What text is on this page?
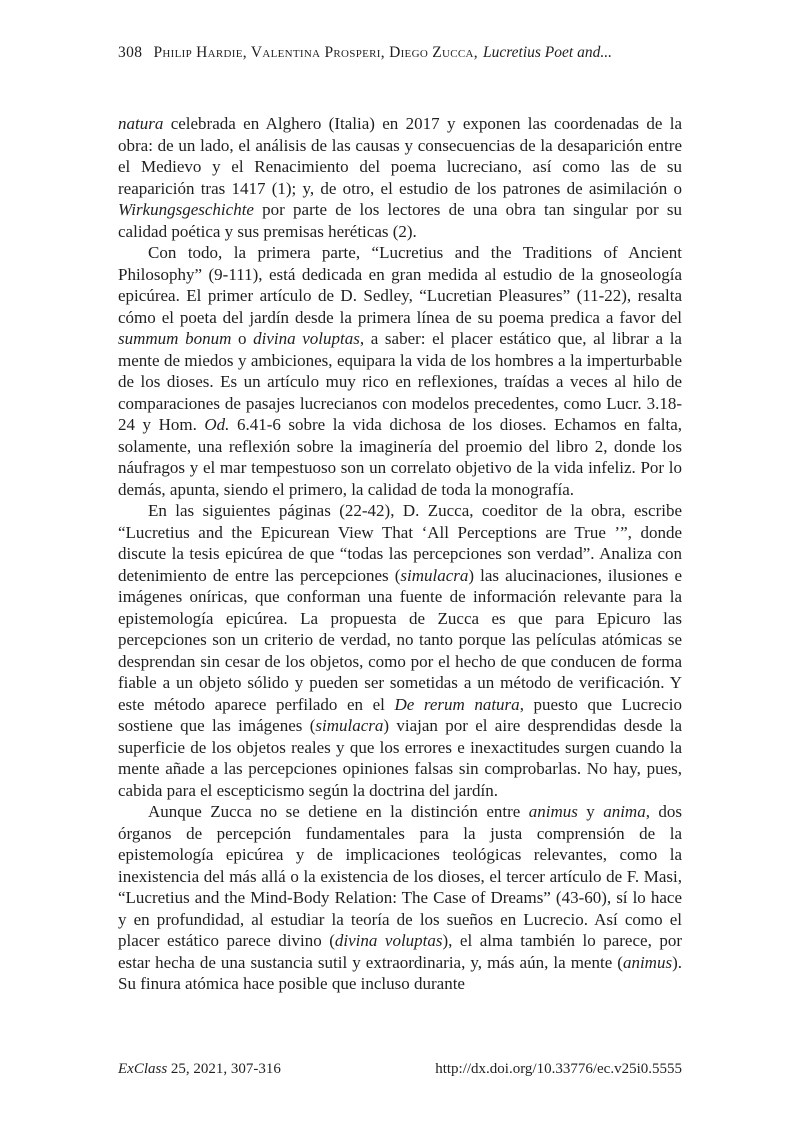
308 Philip Hardie, Valentina Prosperi, Diego Zucca, Lucretius Poet and...

natura celebrada en Alghero (Italia) en 2017 y exponen las coordenadas de la obra: de un lado, el análisis de las causas y consecuencias de la desaparición entre el Medievo y el Renacimiento del poema lucreciano, así como las de su reaparición tras 1417 (1); y, de otro, el estudio de los patrones de asimilación o Wirkungsgeschichte por parte de los lectores de una obra tan singular por su calidad poética y sus premisas heréticas (2).

Con todo, la primera parte, “Lucretius and the Traditions of Ancient Philosophy” (9-111), está dedicada en gran medida al estudio de la gnoseología epicúrea. El primer artículo de D. Sedley, “Lucretian Pleasures” (11-22), resalta cómo el poeta del jardín desde la primera línea de su poema predica a favor del summum bonum o divina voluptas, a saber: el placer estático que, al librar a la mente de miedos y ambiciones, equipara la vida de los hombres a la imperturbable de los dioses. Es un artículo muy rico en reflexiones, traídas a veces al hilo de comparaciones de pasajes lucrecianos con modelos precedentes, como Lucr. 3.18-24 y Hom. Od. 6.41-6 sobre la vida dichosa de los dioses. Echamos en falta, solamente, una reflexión sobre la imaginería del proemio del libro 2, donde los náufragos y el mar tempestuoso son un correlato objetivo de la vida infeliz. Por lo demás, apunta, siendo el primero, la calidad de toda la monografía.

En las siguientes páginas (22-42), D. Zucca, coeditor de la obra, escribe “Lucretius and the Epicurean View That ‘All Perceptions are True ’”, donde discute la tesis epicúrea de que “todas las percepciones son verdad”. Analiza con detenimiento de entre las percepciones (simulacra) las alucinaciones, ilusiones e imágenes oníricas, que conforman una fuente de información relevante para la epistemología epicúrea. La propuesta de Zucca es que para Epicuro las percepciones son un criterio de verdad, no tanto porque las películas atómicas se desprendan sin cesar de los objetos, como por el hecho de que conducen de forma fiable a un objeto sólido y pueden ser sometidas a un método de verificación. Y este método aparece perfilado en el De rerum natura, puesto que Lucrecio sostiene que las imágenes (simulacra) viajan por el aire desprendidas desde la superficie de los objetos reales y que los errores e inexactitudes surgen cuando la mente añade a las percepciones opiniones falsas sin comprobarlas. No hay, pues, cabida para el escepticismo según la doctrina del jardín.

Aunque Zucca no se detiene en la distinción entre animus y anima, dos órganos de percepción fundamentales para la justa comprensión de la epistemología epicúrea y de implicaciones teológicas relevantes, como la inexistencia del más allá o la existencia de los dioses, el tercer artículo de F. Masi, “Lucretius and the Mind-Body Relation: The Case of Dreams” (43-60), sí lo hace y en profundidad, al estudiar la teoría de los sueños en Lucrecio. Así como el placer estático parece divino (divina voluptas), el alma también lo parece, por estar hecha de una sustancia sutil y extraordinaria, y, más aún, la mente (animus). Su finura atómica hace posible que incluso durante

ExClass 25, 2021, 307-316	http://dx.doi.org/10.33776/ec.v25i0.5555
